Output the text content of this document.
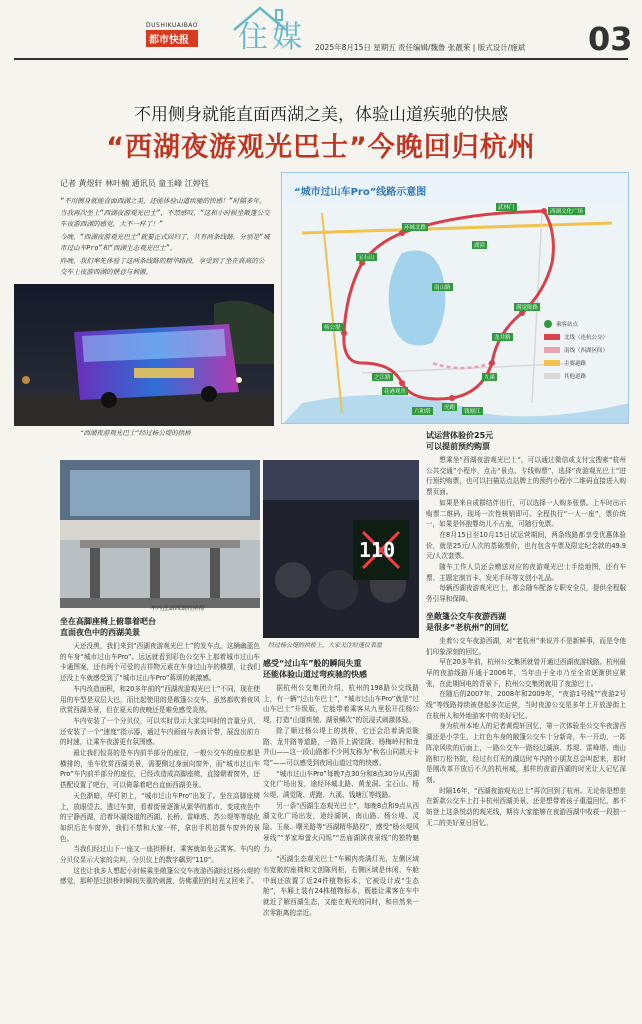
DUSHIKUAIBAO
都市快报	住媒 2025年8月15日 星期五 责任编辑/魏鲁 张靓莱 | 版式设计/施斌 03
不用侧身就能直面西湖之美，体验山道疾驰的快感
“西湖夜游观光巴士”今晚回归杭州
记者 黄煜轩 林叶楠 通讯员 童玉峰 江婷钰

“不用侧身就能直面西湖之美，还能体验山道疾驰的快感！”时隔多年，当我再次坐上“西湖夜游观光巴士”，不禁感叹，“这和小时候坐敞篷公交车夜游西湖的感觉，大不一样了！”

今晚，“西湖夜游观光巴士”就要正式回归了，共有两条线路，分别是“城市过山车Pro”和“西湖生态观光巴士”。

昨晚，我们率先体验了这两条线路的精华路段，享受到了坐在高高的公交车上夜游西湖的惬意与刺激。

“西湖夜游观光巴士”经过杨公堤的拱桥
“城市过山车Pro”线路示意图
乘客站点
北线（连杭公交）
南线（西湖区间）
主要道路
其他道路
西湖文化广场
武林门
环城北路
宝石山
杨公堤
花港观鱼
虎跑
九溪
龙井路
满觉陇路
钱塘江
六和塔
之江路
南山路
湖滨
车内直面西湖的座椅
110
经过杨公堤的拱桥上，大家关注时速仪表盘
坐在高脚座椅上俯靠着吧台
直面夜色中的西湖美景

天还没黑，我们来到“西湖夜游观光巴士”的发车点。这辆幽蓝色的车身“城市过山车Pro”。远远就看到彩色公交车上那着城市过山车卡通图案，还有两个可爱的吉祥物元素在车身过山车的横摆，让我们还没上车就感受到了“城市过山车Pro”蒋颂的刺激感。

车内改造面积，和20多年前的“西湖夜游观光巴士”不同，现在使用的车型是双层大巴，而比起使用的是敞篷公交车，虽然都吹着夜风欣赏西湖美景，但在夏天的夜晚还是难免感受炎热。

车内安装了一个分贝仪，可以实时显示大家尖叫时的音量分贝，还安装了一个“速度”指示器，通过车内画面与表面计带，展盘出前方的时速，让乘车夜游更有氛围感。

最让我们惊喜的是车内前半部分的座位，一般公交车的座位都是横排的，坐车欣赏西湖美景，需要侧过身面向窗外，而“城市过山车Pro”车内前半部分的座位，已经改造成高脚座椅，直接朝着窗外，还搭配设置了吧台，可以倚靠着吧台直面西湖美景。

天色渐暗，华灯初上，“城市过山车Pro”出发了。坐在高脚座椅上，放眼望去，透过车窗，看着街景逐渐从繁华的都市，变成夜色中的宁静西湖，沿着环湖绕道的西湖、长桥、雷峰塔、苏公堤等等绿化如织后在车窗外，我们不禁和大家一样，拿出手机拍摄车窗外的景色。

当我们经过山下一座又一座拱桥时，乘客就如坐云霄客。车内的分贝仪显示大家的尖叫，分贝仪上的数字飙到“110”。

这也让我多人想起小时候乘坐敞篷公交车夜游西湖经过杨公堤的感觉，那种是过拱桥时瞬间失重的刺激，仿佛重回的时光又回来了。

感受“过山车”般的瞬间失重
还能体验山道过弯疾驰的快感

据杭州公交集团介绍，杭州的198路公交线路上，有一辆“过山车巴士”，“城市过山车Pro”就是“过山车巴士”升级版，它能带着乘客从九里松开往杨公堤，打造“山道疾驰、湖景鳞次”的沉浸式刺激体验。

除了顺过杨公堤上的拱桥，它还会沿着满觉陇路、龙井路等道路，一路开上满觉陇、杨梅岭村和龙井山——这一段山路都不少网友称为“秋名山同款天卡弯”——可以感受到夜间山道过弯的快感。

“城市过山车Pro”每晚7点30分和8点30分从西湖文化广场出发，途经环城北路、黄龙洞、宝石山、杨公堤、满觉陇、虎跑、九溪、钱塘江等线路。

另一条“西湖生态观光巴士”，每晚8点和9点从西湖文化广场出发，途经湖滨、南山路、杨公堤、灵隐、玉泉、曙光路等“西湖精华路段”，感受“杨公堤风景线”“茅家埠萤火闪烁”“岳庙湖滨夜景线”的独特魅力。

“西湖生态观光巴士”车厢内亮满灯光，左侧区域有宽敞的座椅和文创陈列柜，右侧区域是休闲、车舱中间还放置了近24件植物标本，它被设计成“生态舱”，车厢上装有24株植物标本，既能让乘客在车中就近了解西湖生态，又能在观光的同时，和自然来一次零距离的亲近。

试运营体验价25元
可以提前预约购票

想乘坐“西湖夜游观光巴士”，可以通过微信或支付宝搜索“杭州公共交通”小程序，点击“景点、专线购票”，选择“夜游观光巴士”进行预约购票，也可以扫描站点站牌上的预约小程序二维码直接进入购票页面。

如果是来自成群结伴出行，可以选择一人购多张票。上车时出示购票二维码，现场一次性核销即可。全程执行“一人一座”，票价统一，如果是怀抱婴幼儿不占座，可随行免票。

在8月15日至10月15日试运营期间，两条线路都享受优惠体验价，就是25元/人次的基础票价，也有包含车票及限定纪念款的49.9元/人次套票。

随车工作人员还会赠送对应的夜游观光巴士手绘地图，还有车票、主题定制盲卡、发光手环等文创小礼品。

每辆西湖夜游观光巴士，都会随车配备专职安全员，提供全程服务引导和保障。

坐敞篷公交车夜游西湖
是很多“老杭州”的回忆

坐着公交车夜游西湖，对“老杭州”来说并不是新鲜事，而是令他们印象深刻的回忆。

早在20多年前，杭州公交集团就曾开通过西湖夜游线路。杭州最早的夜游线路开通于2006年，当年由于全市乃至全省逐渐供应紧张，在此期间电的背景下，杭州公交集团就用了夜游巴士。

在随后的2007年、2008年和2009年，“夜游1号线”“夜游2号线”等线路持续被登起多次运营，当时夜游公交是多年上开放游街上在杭州人和外地游客中的美好记忆。

身为杭州本地人的记者黄煜轩回忆，第一次体验坐公交车夜游西湖还是小学生，上红色车身的敞篷公交车十分新奇，车一开动，一阵阵凉风吹的后面上，一路公交车一路经过湖滨、苏堤、雷峰塔、南山路和万松书院，经过有灯光的湖边时车内的小朋友总会叫起来，那时是刚改革开放后不久的杭州城，那样的夜游西湖的时光让人记忆深刻。

时隔16年，“西湖夜游观光巴士”再次回到了杭州。无论你是想坐在新款公交车上打卡杭州西湖美景，还是想带着孩子重温回忆，都不妨登上这条悦动的观光线，期待大家能够在夜游西湖中收获一段独一无二的美好夏日回忆。
